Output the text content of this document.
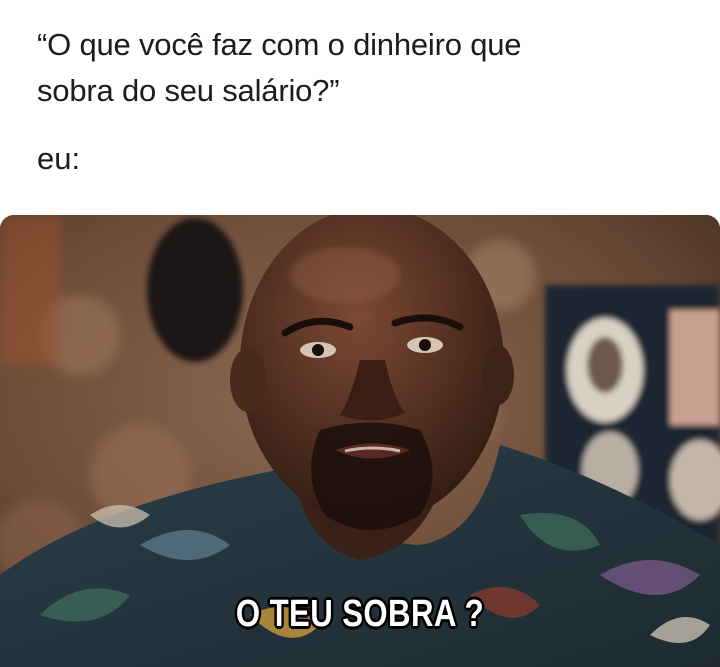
“O que você faz com o dinheiro que
sobra do seu salário?”
eu:
O TEU SOBRA ?
